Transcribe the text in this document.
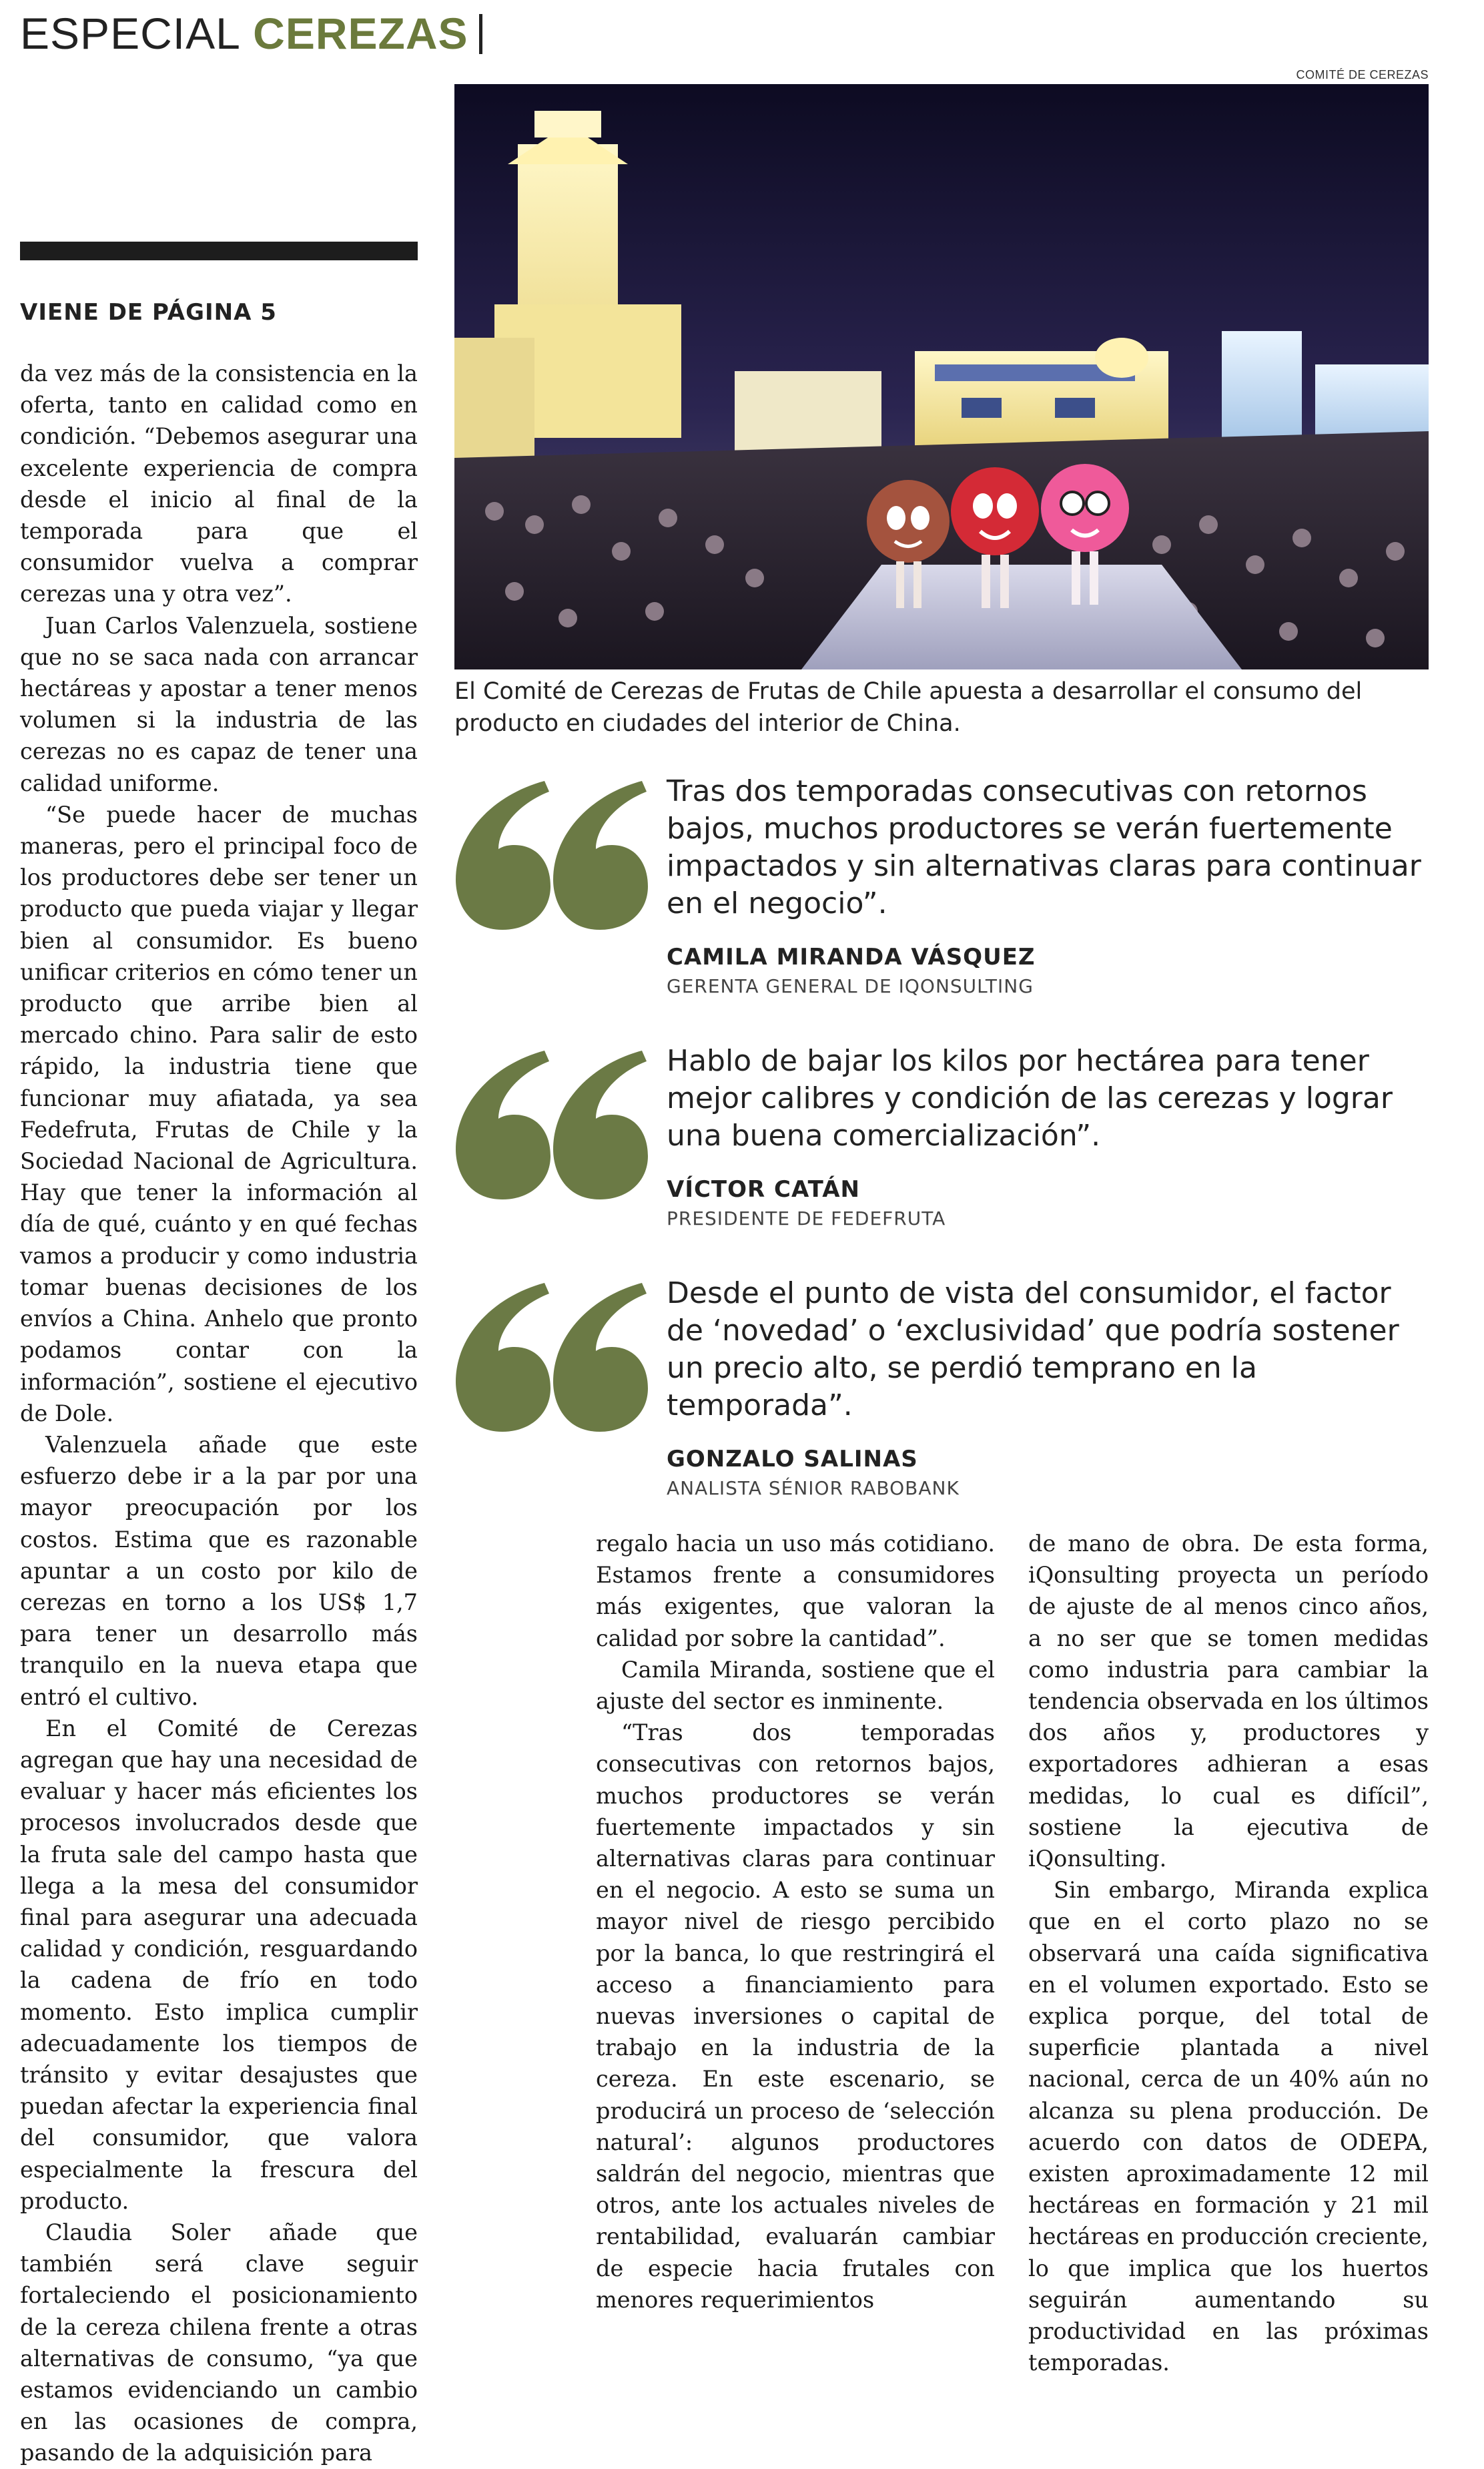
ESPECIAL CEREZAS
COMITÉ DE CEREZAS
El Comité de Cerezas de Frutas de Chile apuesta a desarrollar el consumo del producto en ciudades del interior de China.
VIENE DE PÁGINA 5

da vez más de la consistencia en la oferta, tanto en calidad como en condición. “Debemos asegurar una excelente experiencia de compra desde el inicio al final de la temporada para que el consumidor vuelva a comprar cerezas una y otra vez”.

Juan Carlos Valenzuela, sostiene que no se saca nada con arrancar hectáreas y apostar a tener menos volumen si la industria de las cerezas no es capaz de tener una calidad uniforme.

“Se puede hacer de muchas maneras, pero el principal foco de los productores debe ser tener un producto que pueda viajar y llegar bien al consumidor. Es bueno unificar criterios en cómo tener un producto que arribe bien al mercado chino. Para salir de esto rápido, la industria tiene que funcionar muy afiatada, ya sea Fedefruta, Frutas de Chile y la Sociedad Nacional de Agricultura. Hay que tener la información al día de qué, cuánto y en qué fechas vamos a producir y como industria tomar buenas decisiones de los envíos a China. Anhelo que pronto podamos contar con la información”, sostiene el ejecutivo de Dole.

Valenzuela añade que este esfuerzo debe ir a la par por una mayor preocupación por los costos. Estima que es razonable apuntar a un costo por kilo de cerezas en torno a los US$ 1,7 para tener un desarrollo más tranquilo en la nueva etapa que entró el cultivo.

En el Comité de Cerezas agregan que hay una necesidad de evaluar y hacer más eficientes los procesos involucrados desde que la fruta sale del campo hasta que llega a la mesa del consumidor final para asegurar una adecuada calidad y condición, resguardando la cadena de frío en todo momento. Esto implica cumplir adecuadamente los tiempos de tránsito y evitar desajustes que puedan afectar la experiencia final del consumidor, que valora especialmente la frescura del producto.

Claudia Soler añade que también será clave seguir fortaleciendo el posicionamiento de la cereza chilena frente a otras alternativas de consumo, “ya que estamos evidenciando un cambio en las ocasiones de compra, pasando de la adquisición para

Tras dos temporadas consecutivas con retornos bajos, muchos productores se verán fuertemente impactados y sin alternativas claras para continuar en el negocio”.
CAMILA MIRANDA VÁSQUEZ
GERENTA GENERAL DE IQONSULTING
Hablo de bajar los kilos por hectárea para tener mejor calibres y condición de las cerezas y lograr una buena comercialización”.
VÍCTOR CATÁN
PRESIDENTE DE FEDEFRUTA
Desde el punto de vista del consumidor, el factor de ‘novedad’ o ‘exclusividad’ que podría sostener un precio alto, se perdió temprano en la temporada”.
GONZALO SALINAS
ANALISTA SÉNIOR RABOBANK

regalo hacia un uso más cotidiano. Estamos frente a consumidores más exigentes, que valoran la calidad por sobre la cantidad”.

Camila Miranda, sostiene que el ajuste del sector es inminente.

“Tras dos temporadas consecutivas con retornos bajos, muchos productores se verán fuertemente impactados y sin alternativas claras para continuar en el negocio. A esto se suma un mayor nivel de riesgo percibido por la banca, lo que restringirá el acceso a financiamiento para nuevas inversiones o capital de trabajo en la industria de la cereza. En este escenario, se producirá un proceso de ‘selección natural’: algunos productores saldrán del negocio, mientras que otros, ante los actuales niveles de rentabilidad, evaluarán cambiar de especie hacia frutales con menores requerimientos

de mano de obra. De esta forma, iQonsulting proyecta un período de ajuste de al menos cinco años, a no ser que se tomen medidas como industria para cambiar la tendencia observada en los últimos dos años y, productores y exportadores adhieran a esas medidas, lo cual es difícil”, sostiene la ejecutiva de iQonsulting.

Sin embargo, Miranda explica que en el corto plazo no se observará una caída significativa en el volumen exportado. Esto se explica porque, del total de superficie plantada a nivel nacional, cerca de un 40% aún no alcanza su plena producción. De acuerdo con datos de ODEPA, existen aproximadamente 12 mil hectáreas en formación y 21 mil hectáreas en producción creciente, lo que implica que los huertos seguirán aumentando su productividad en las próximas temporadas.
